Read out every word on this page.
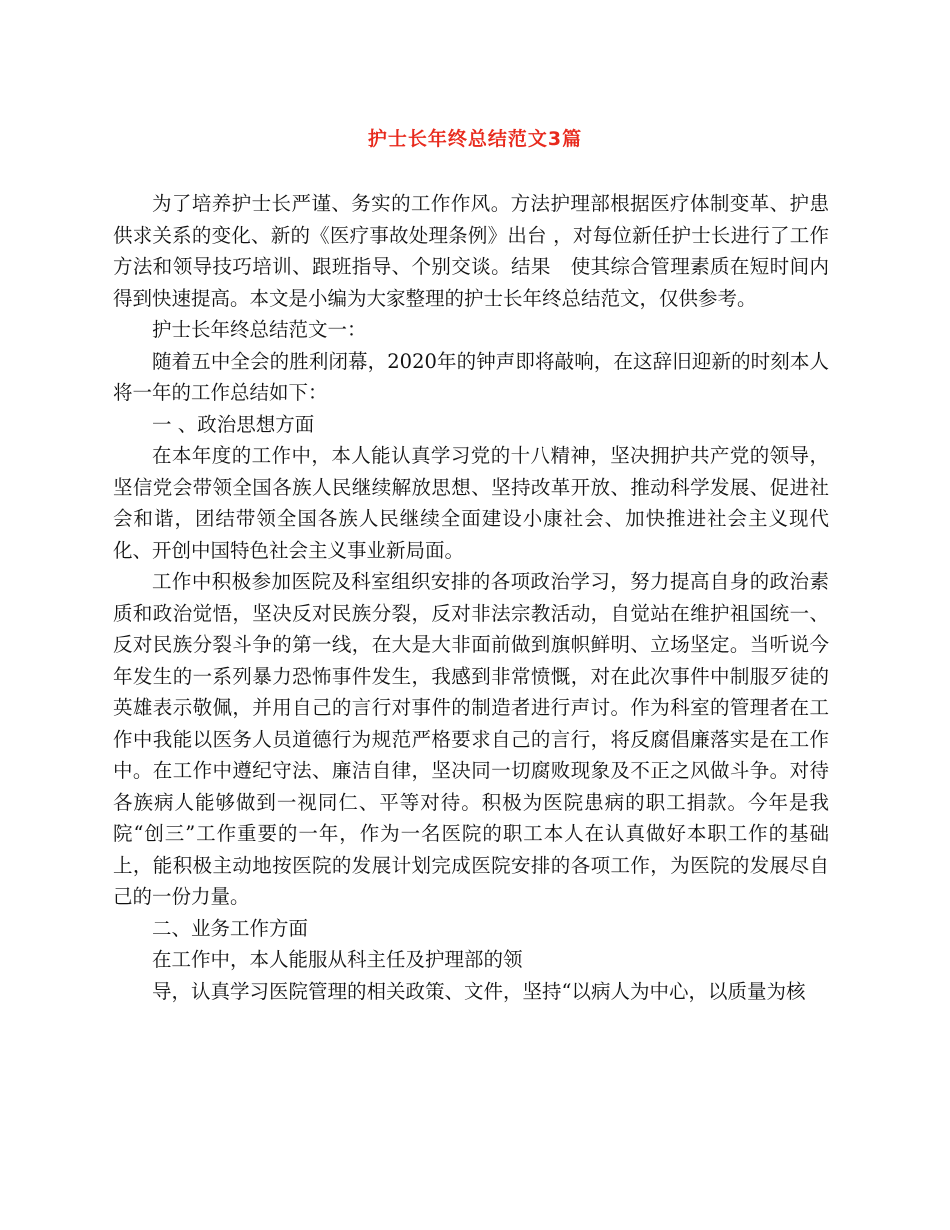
护士长年终总结范文3篇

为了培养护士长严谨、务实的工作作风。方法护理部根据医疗体制变革、护患供求关系的变化、新的《医疗事故处理条例》出台 ，对每位新任护士长进行了工作方法和领导技巧培训、跟班指导、个别交谈。结果　使其综合管理素质在短时间内得到快速提高。本文是小编为大家整理的护士长年终总结范文，仅供参考。

护士长年终总结范文一：

随着五中全会的胜利闭幕，2020年的钟声即将敲响，在这辞旧迎新的时刻本人将一年的工作总结如下：

一 、政治思想方面

在本年度的工作中，本人能认真学习党的十八精神，坚决拥护共产党的领导，坚信党会带领全国各族人民继续解放思想、坚持改革开放、推动科学发展、促进社会和谐，团结带领全国各族人民继续全面建设小康社会、加快推进社会主义现代化、开创中国特色社会主义事业新局面。

工作中积极参加医院及科室组织安排的各项政治学习，努力提高自身的政治素质和政治觉悟，坚决反对民族分裂，反对非法宗教活动，自觉站在维护祖国统一、反对民族分裂斗争的第一线，在大是大非面前做到旗帜鲜明、立场坚定。当听说今年发生的一系列暴力恐怖事件发生，我感到非常愤慨，对在此次事件中制服歹徒的英雄表示敬佩，并用自己的言行对事件的制造者进行声讨。作为科室的管理者在工作中我能以医务人员道德行为规范严格要求自己的言行，将反腐倡廉落实是在工作中。在工作中遵纪守法、廉洁自律，坚决同一切腐败现象及不正之风做斗争。对待各族病人能够做到一视同仁、平等对待。积极为医院患病的职工捐款。今年是我院“创三”工作重要的一年，作为一名医院的职工本人在认真做好本职工作的基础上，能积极主动地按医院的发展计划完成医院安排的各项工作，为医院的发展尽自己的一份力量。

二、业务工作方面

在工作中，本人能服从科主任及护理部的领

导，认真学习医院管理的相关政策、文件，坚持“以病人为中心，以质量为核
